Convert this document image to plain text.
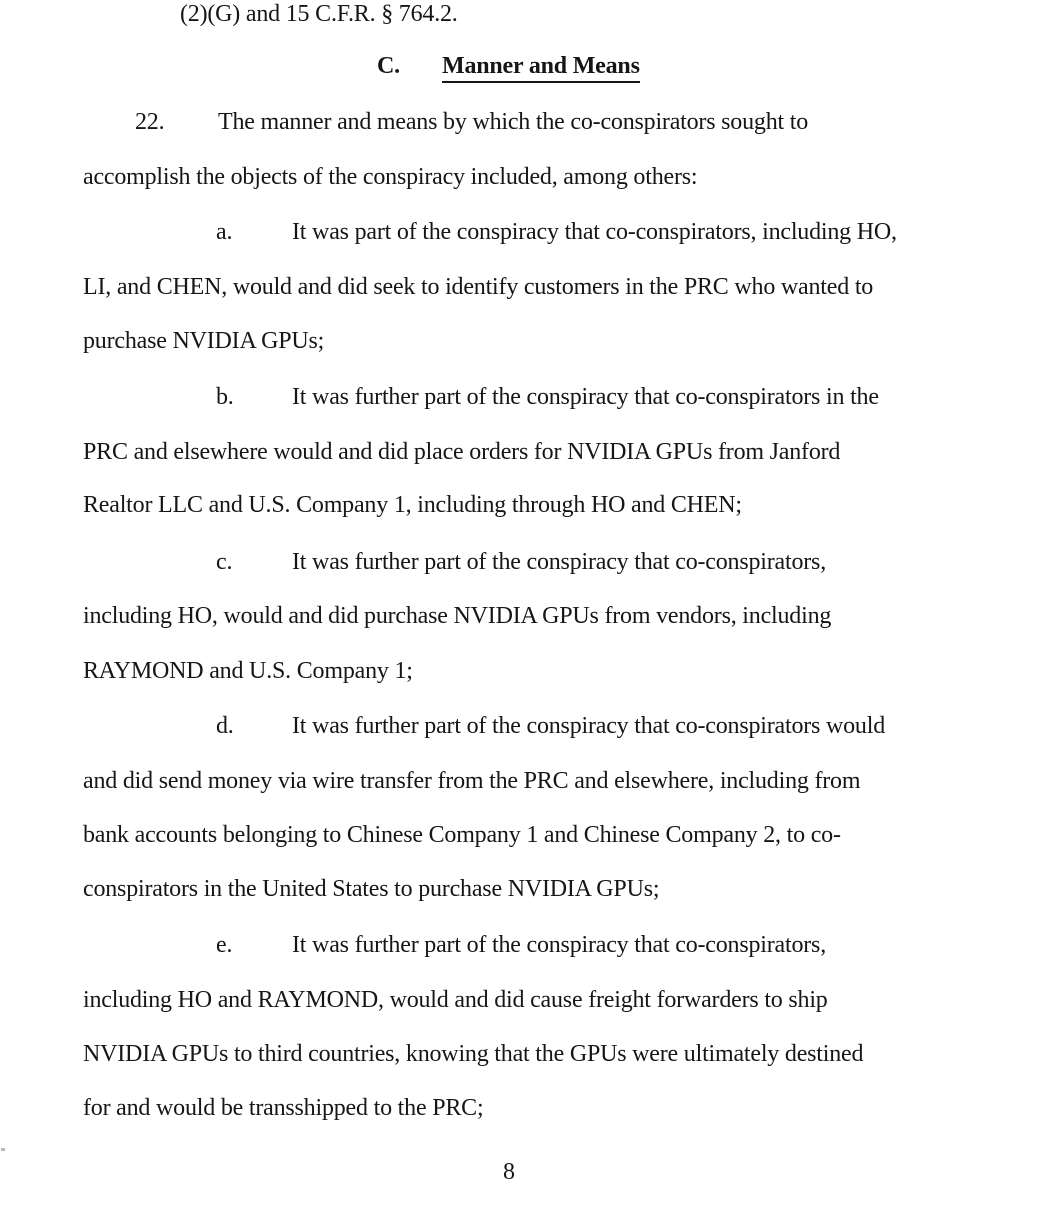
(2)(G) and 15 C.F.R. § 764.2.
C. Manner and Means
22. The manner and means by which the co-conspirators sought to
accomplish the objects of the conspiracy included, among others:
a. It was part of the conspiracy that co-conspirators, including HO,
LI, and CHEN, would and did seek to identify customers in the PRC who wanted to
purchase NVIDIA GPUs;
b. It was further part of the conspiracy that co-conspirators in the
PRC and elsewhere would and did place orders for NVIDIA GPUs from Janford
Realtor LLC and U.S. Company 1, including through HO and CHEN;
c. It was further part of the conspiracy that co-conspirators,
including HO, would and did purchase NVIDIA GPUs from vendors, including
RAYMOND and U.S. Company 1;
d. It was further part of the conspiracy that co-conspirators would
and did send money via wire transfer from the PRC and elsewhere, including from
bank accounts belonging to Chinese Company 1 and Chinese Company 2, to co-
conspirators in the United States to purchase NVIDIA GPUs;
e. It was further part of the conspiracy that co-conspirators,
including HO and RAYMOND, would and did cause freight forwarders to ship
NVIDIA GPUs to third countries, knowing that the GPUs were ultimately destined
for and would be transshipped to the PRC;
8
